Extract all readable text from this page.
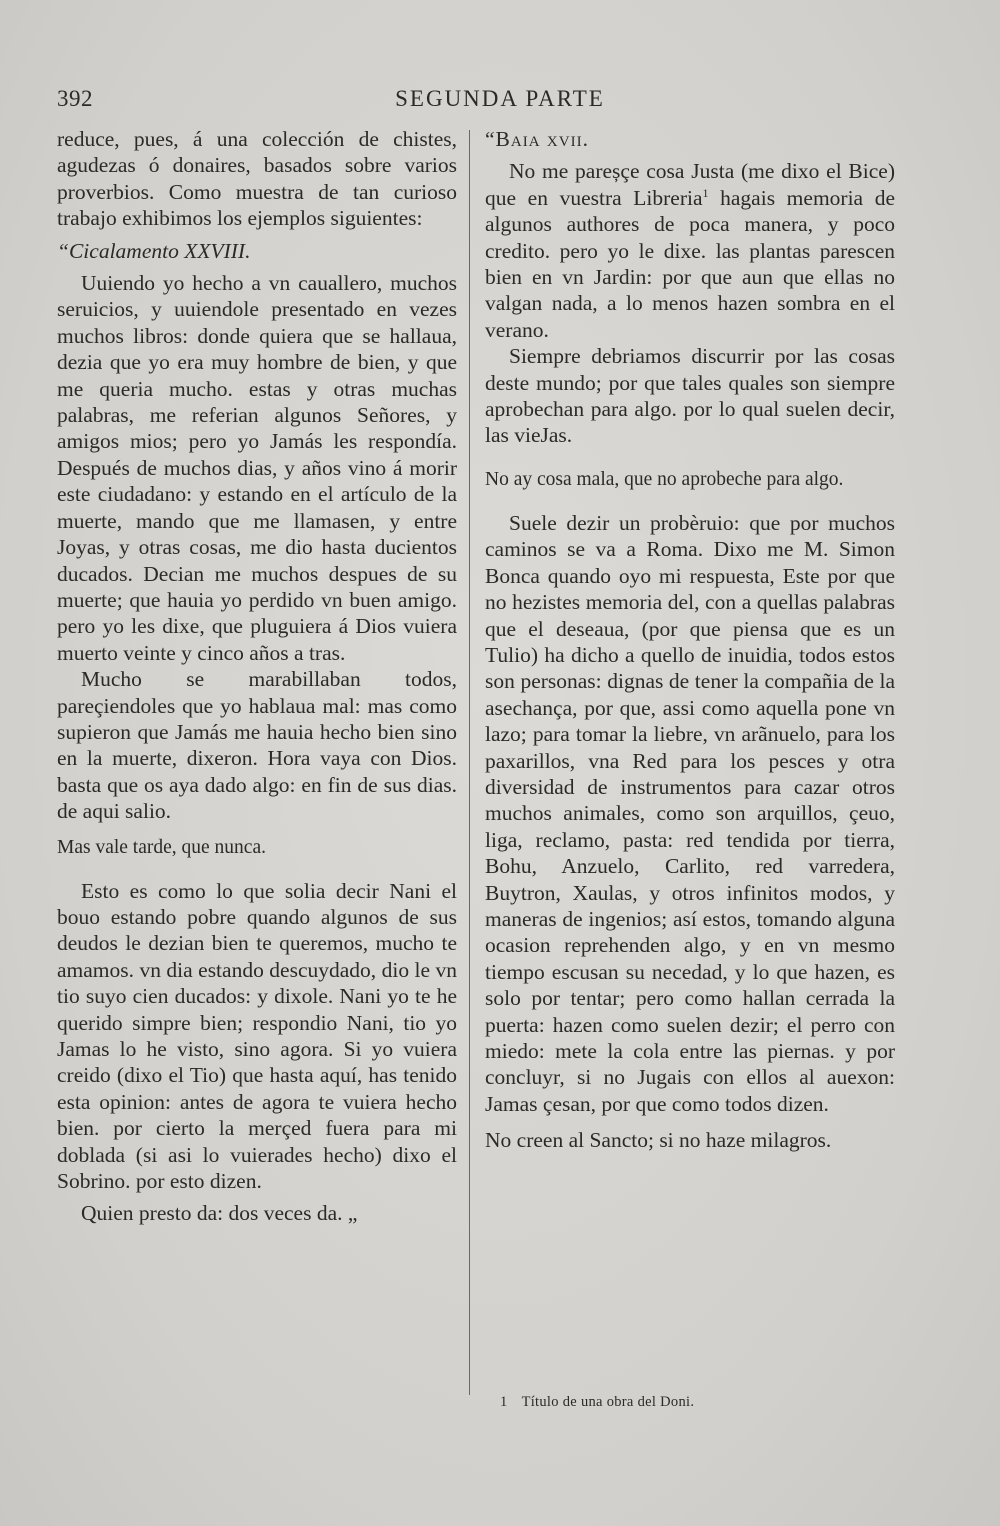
392	SEGUNDA PARTE

reduce, pues, á una colección de chistes, agudezas ó donaires, basados sobre varios proverbios. Como muestra de tan curioso trabajo exhibimos los ejemplos siguientes:

“Cicalamento XXVIII.

Uuiendo yo hecho a vn cauallero, muchos seruicios, y uuiendole presentado en vezes muchos libros: donde quiera que se hallaua, dezia que yo era muy hombre de bien, y que me queria mucho. estas y otras muchas palabras, me referian algunos Señores, y amigos mios; pero yo Jamás les respondía. Después de muchos dias, y años vino á morir este ciudadano: y estando en el artículo de la muerte, mando que me llamasen, y entre Joyas, y otras cosas, me dio hasta ducientos ducados. Decian me muchos despues de su muerte; que hauia yo perdido vn buen amigo. pero yo les dixe, que pluguiera á Dios vuiera muerto veinte y cinco años a tras.

Mucho se marabillaban todos, pareçiendoles que yo hablaua mal: mas como supieron que Jamás me hauia hecho bien sino en la muerte, dixeron. Hora vaya con Dios. basta que os aya dado algo: en fin de sus dias. de aqui salio.

Mas vale tarde, que nunca.

Esto es como lo que solia decir Nani el bouo estando pobre quando algunos de sus deudos le dezian bien te queremos, mucho te amamos. vn dia estando descuydado, dio le vn tio suyo cien ducados: y dixole. Nani yo te he querido simpre bien; respondio Nani, tio yo Jamas lo he visto, sino agora. Si yo vuiera creido (dixo el Tio) que hasta aquí, has tenido esta opinion: antes de agora te vuiera hecho bien. por cierto la merçed fuera para mi doblada (si asi lo vuierades hecho) dixo el Sobrino. por esto dizen.

Quien presto da: dos veces da. „

“Baia xvii.

No me pareșçe cosa Justa (me dixo el Bice) que en vuestra Libreria$^1$ hagais memoria de algunos authores de poca manera, y poco credito. pero yo le dixe. las plantas parescen bien en vn Jardin: por que aun que ellas no valgan nada, a lo menos hazen sombra en el verano.

Siempre debriamos discurrir por las cosas deste mundo; por que tales quales son siempre aprobechan para algo. por lo qual suelen decir, las vieJas.

No ay cosa mala, que no aprobeche para algo.

Suele dezir un probèruio: que por muchos caminos se va a Roma. Dixo me M. Simon Bonca quando oyo mi respuesta, Este por que no hezistes memoria del, con a quellas palabras que el deseaua, (por que piensa que es un Tulio) ha dicho a quello de inuidia, todos estos son personas: dignas de tener la compañia de la asechança, por que, assi como aquella pone vn lazo; para tomar la liebre, vn arãnuelo, para los paxarillos, vna Red para los pesces y otra diversidad de instrumentos para cazar otros muchos animales, como son arquillos, çeuo, liga, reclamo, pasta: red tendida por tierra, Bohu, Anzuelo, Carlito, red varredera, Buytron, Xaulas, y otros infinitos modos, y maneras de ingenios; así estos, tomando alguna ocasion reprehenden algo, y en vn mesmo tiempo escusan su necedad, y lo que hazen, es solo por tentar; pero como hallan cerrada la puerta: hazen como suelen dezir; el perro con miedo: mete la cola entre las piernas. y por concluyr, si no Jugais con ellos al auexon: Jamas çesan, por que como todos dizen.

No creen al Sancto; si no haze milagros.

1 Título de una obra del Doni.
